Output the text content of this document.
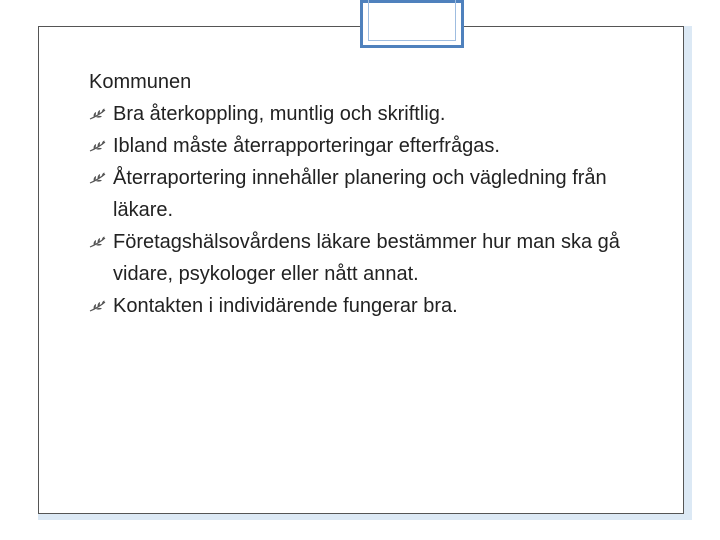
Kommunen

Bra återkoppling, muntlig och skriftlig.
Ibland måste återrapporteringar efterfrågas.
Återraportering innehåller planering och vägledning från läkare.
Företagshälsovårdens läkare bestämmer hur man ska gå vidare, psykologer eller nått annat.
Kontakten i individärende fungerar bra.
